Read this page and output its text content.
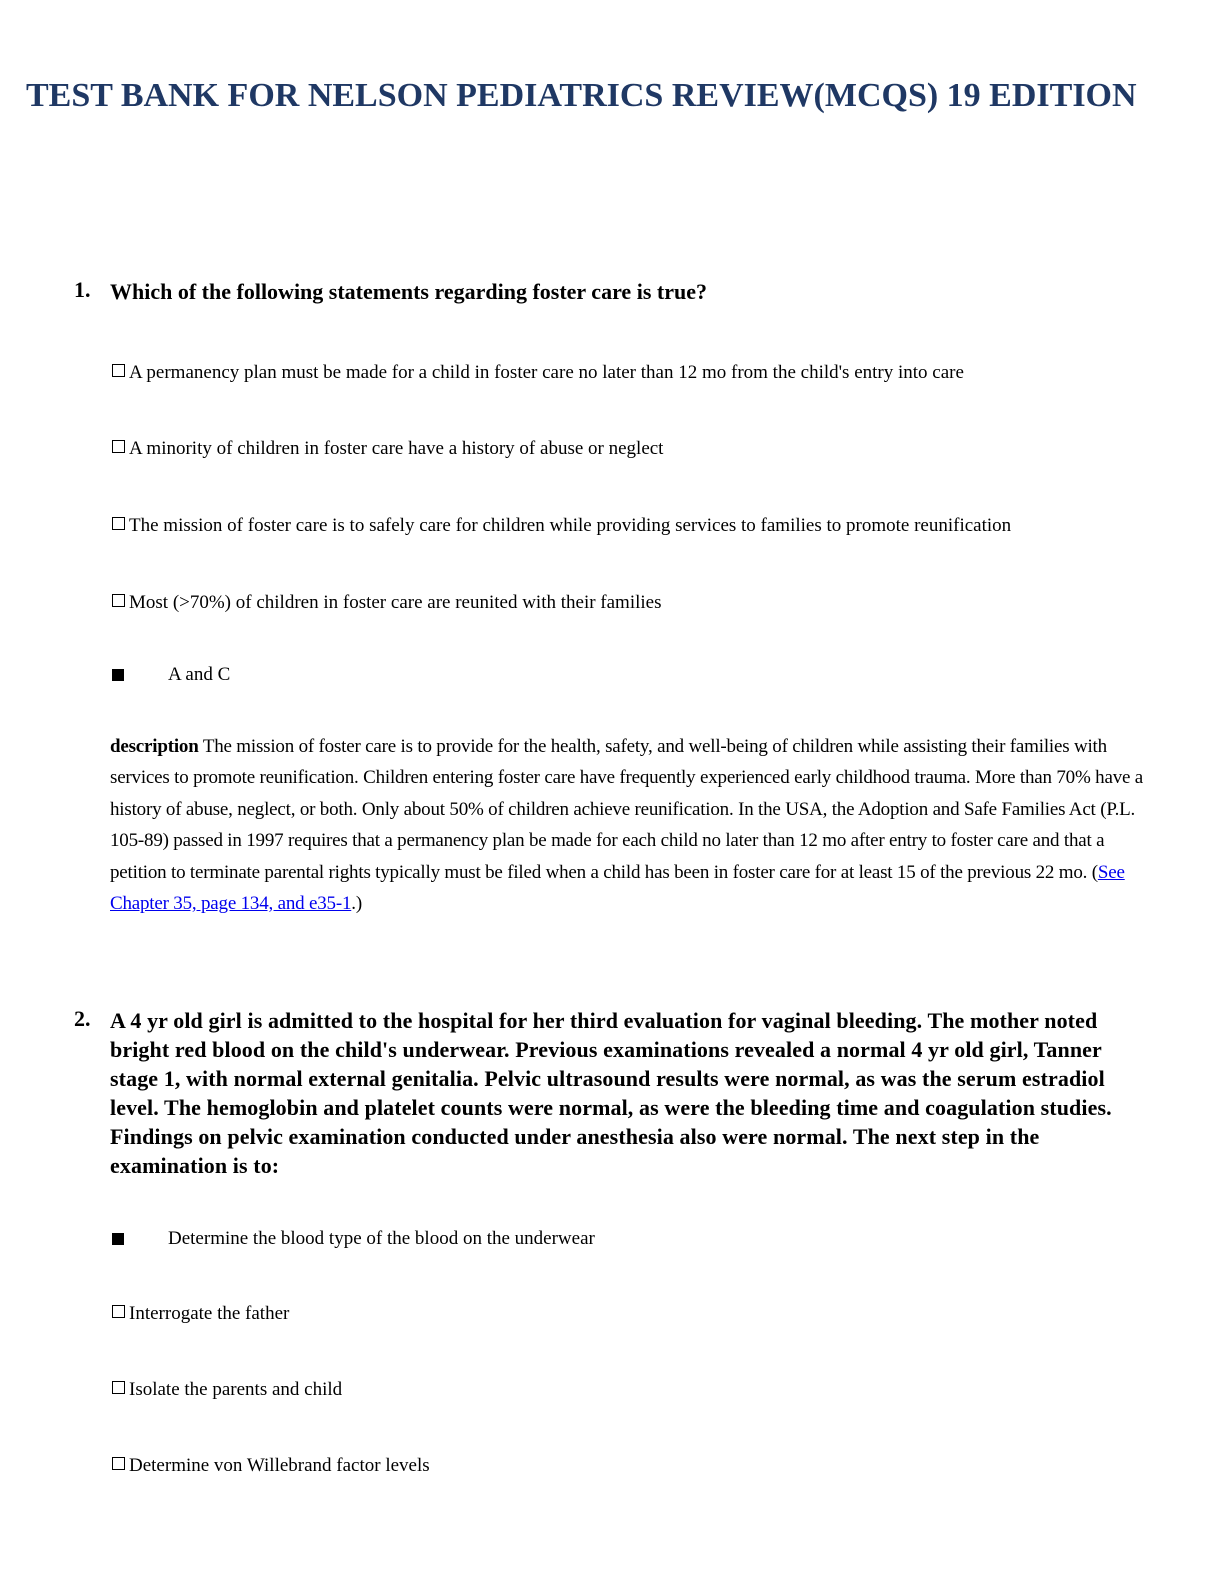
TEST BANK FOR NELSON PEDIATRICS REVIEW(MCQS) 19 EDITION
1. Which of the following statements regarding foster care is true?
A permanency plan must be made for a child in foster care no later than 12 mo from the child's entry into care
A minority of children in foster care have a history of abuse or neglect
The mission of foster care is to safely care for children while providing services to families to promote reunification
Most (>70%) of children in foster care are reunited with their families
A and C
description The mission of foster care is to provide for the health, safety, and well-being of children while assisting their families with services to promote reunification. Children entering foster care have frequently experienced early childhood trauma. More than 70% have a history of abuse, neglect, or both. Only about 50% of children achieve reunification. In the USA, the Adoption and Safe Families Act (P.L. 105-89) passed in 1997 requires that a permanency plan be made for each child no later than 12 mo after entry to foster care and that a petition to terminate parental rights typically must be filed when a child has been in foster care for at least 15 of the previous 22 mo. (See Chapter 35, page 134, and e35-1.)
2. A 4 yr old girl is admitted to the hospital for her third evaluation for vaginal bleeding. The mother noted bright red blood on the child's underwear. Previous examinations revealed a normal 4 yr old girl, Tanner stage 1, with normal external genitalia. Pelvic ultrasound results were normal, as was the serum estradiol level. The hemoglobin and platelet counts were normal, as were the bleeding time and coagulation studies. Findings on pelvic examination conducted under anesthesia also were normal. The next step in the examination is to:
Determine the blood type of the blood on the underwear
Interrogate the father
Isolate the parents and child
Determine von Willebrand factor levels
